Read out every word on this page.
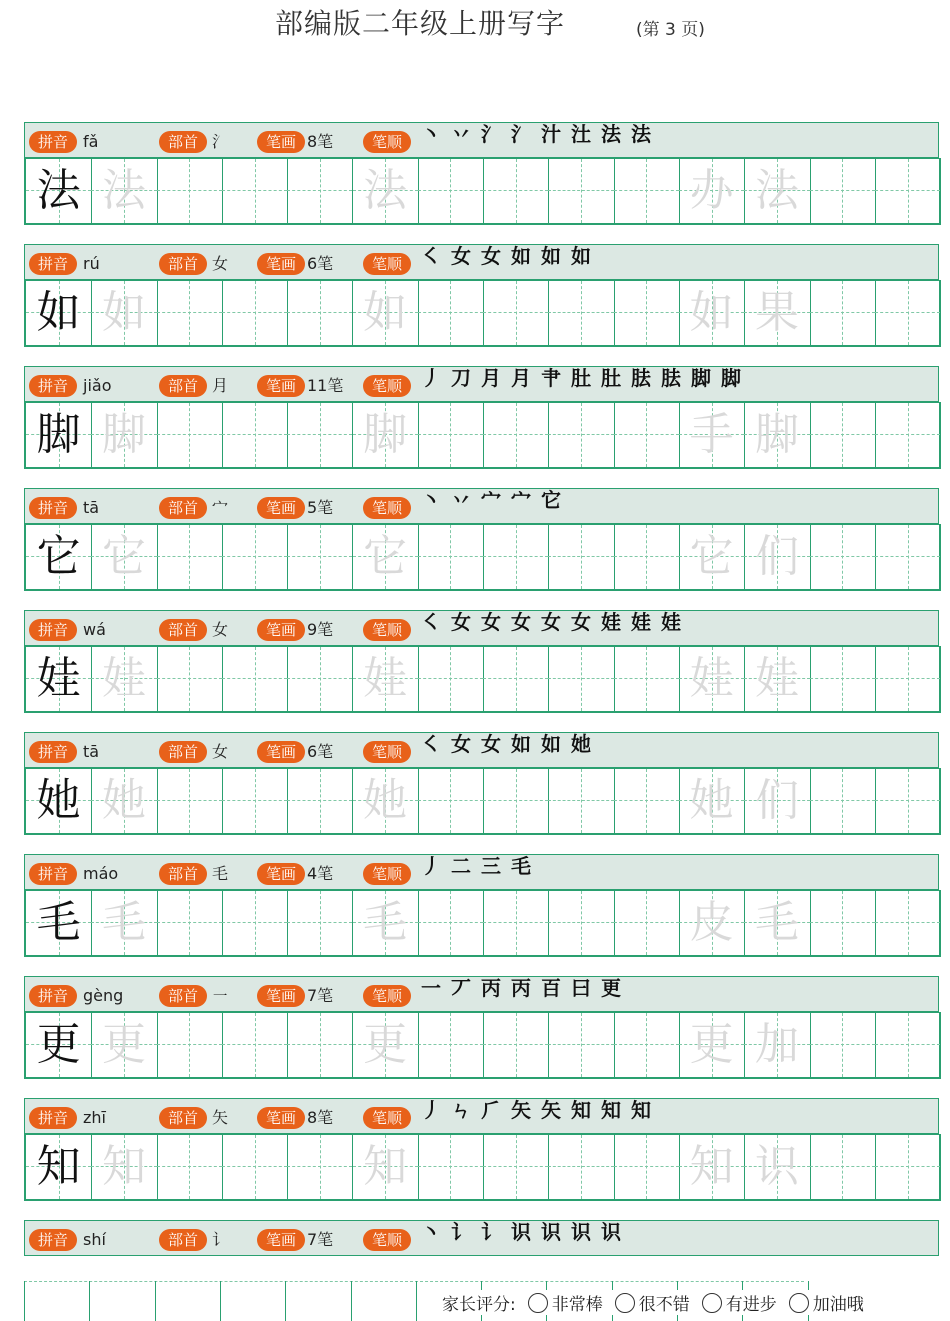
部编版二年级上册写字	(第 3 页)
拼音 fǎ	部首 氵	笔画 8笔	笔顺 丶丷氵氵汁汢法法
法 法	法	办 法
拼音 rú	部首 女	笔画 6笔	笔顺 ㇛女女如如如
如 如	如	如 果
拼音 jiǎo	部首 月	笔画 11笔	笔顺 丿刀月月肀肚肚胠胠脚脚
脚 脚	脚	手 脚
拼音 tā	部首 宀	笔画 5笔	笔顺 丶丷宀宀它
它 它	它	它 们
拼音 wá	部首 女	笔画 9笔	笔顺 ㇛女女女女女娃娃娃
娃 娃	娃	娃 娃
拼音 tā	部首 女	笔画 6笔	笔顺 ㇛女女如如她
她 她	她	她 们
拼音 máo	部首 毛	笔画 4笔	笔顺 丿二三毛
毛 毛	毛	皮 毛
拼音 gèng	部首 ㇐	笔画 7笔	笔顺 一丆丙丙百曰更
更 更	更	更 加
拼音 zhī	部首 矢	笔画 8笔	笔顺 丿ㄣ⺁矢矢知知知
知 知	知	知 识
拼音 shí	部首 讠	笔画 7笔	笔顺 丶讠讠识识识识
家长评分: 非常棒 很不错 有进步 加油哦
